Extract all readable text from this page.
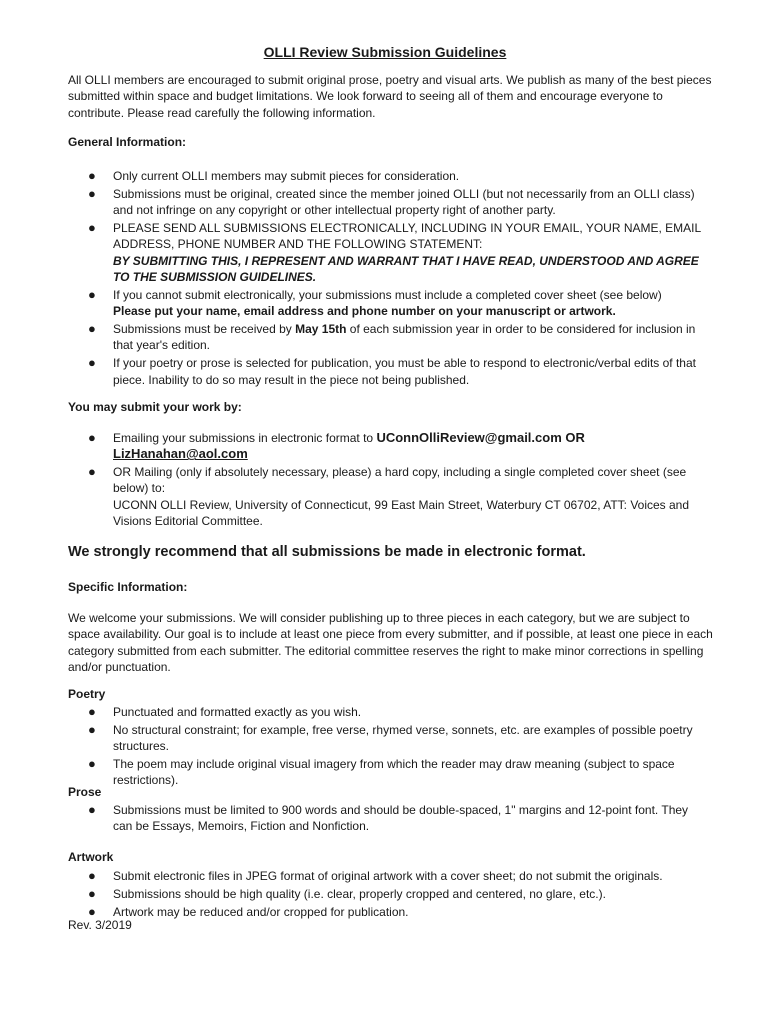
OLLI Review Submission Guidelines
All OLLI members are encouraged to submit original prose, poetry and visual arts. We publish as many of the best pieces submitted within space and budget limitations. We look forward to seeing all of them and encourage everyone to contribute. Please read carefully the following information.
General Information:
● Only current OLLI members may submit pieces for consideration.
● Submissions must be original, created since the member joined OLLI (but not necessarily from an OLLI class) and not infringe on any copyright or other intellectual property right of another party.
● PLEASE SEND ALL SUBMISSIONS ELECTRONICALLY, INCLUDING IN YOUR EMAIL, YOUR NAME, EMAIL ADDRESS, PHONE NUMBER AND THE FOLLOWING STATEMENT:
BY SUBMITTING THIS, I REPRESENT AND WARRANT THAT I HAVE READ, UNDERSTOOD AND AGREE TO THE SUBMISSION GUIDELINES.
● If you cannot submit electronically, your submissions must include a completed cover sheet (see below)
Please put your name, email address and phone number on your manuscript or artwork.
● Submissions must be received by May 15th of each submission year in order to be considered for inclusion in that year's edition.
● If your poetry or prose is selected for publication, you must be able to respond to electronic/verbal edits of that piece. Inability to do so may result in the piece not being published.
You may submit your work by:
● Emailing your submissions in electronic format to UConnOlliReview@gmail.com OR
LizHanahan@aol.com
● OR Mailing (only if absolutely necessary, please) a hard copy, including a single completed cover sheet (see below) to:
UCONN OLLI Review, University of Connecticut, 99 East Main Street, Waterbury CT 06702, ATT: Voices and Visions Editorial Committee.
We strongly recommend that all submissions be made in electronic format.
Specific Information:
We welcome your submissions. We will consider publishing up to three pieces in each category, but we are subject to space availability. Our goal is to include at least one piece from every submitter, and if possible, at least one piece in each category submitted from each submitter. The editorial committee reserves the right to make minor corrections in spelling and/or punctuation.
Poetry
● Punctuated and formatted exactly as you wish.
● No structural constraint; for example, free verse, rhymed verse, sonnets, etc. are examples of possible poetry structures.
● The poem may include original visual imagery from which the reader may draw meaning (subject to space restrictions).
Prose
● Submissions must be limited to 900 words and should be double-spaced, 1" margins and 12-point font. They can be Essays, Memoirs, Fiction and Nonfiction.
Artwork
● Submit electronic files in JPEG format of original artwork with a cover sheet; do not submit the originals.
● Submissions should be high quality (i.e. clear, properly cropped and centered, no glare, etc.).
● Artwork may be reduced and/or cropped for publication.
Rev. 3/2019
